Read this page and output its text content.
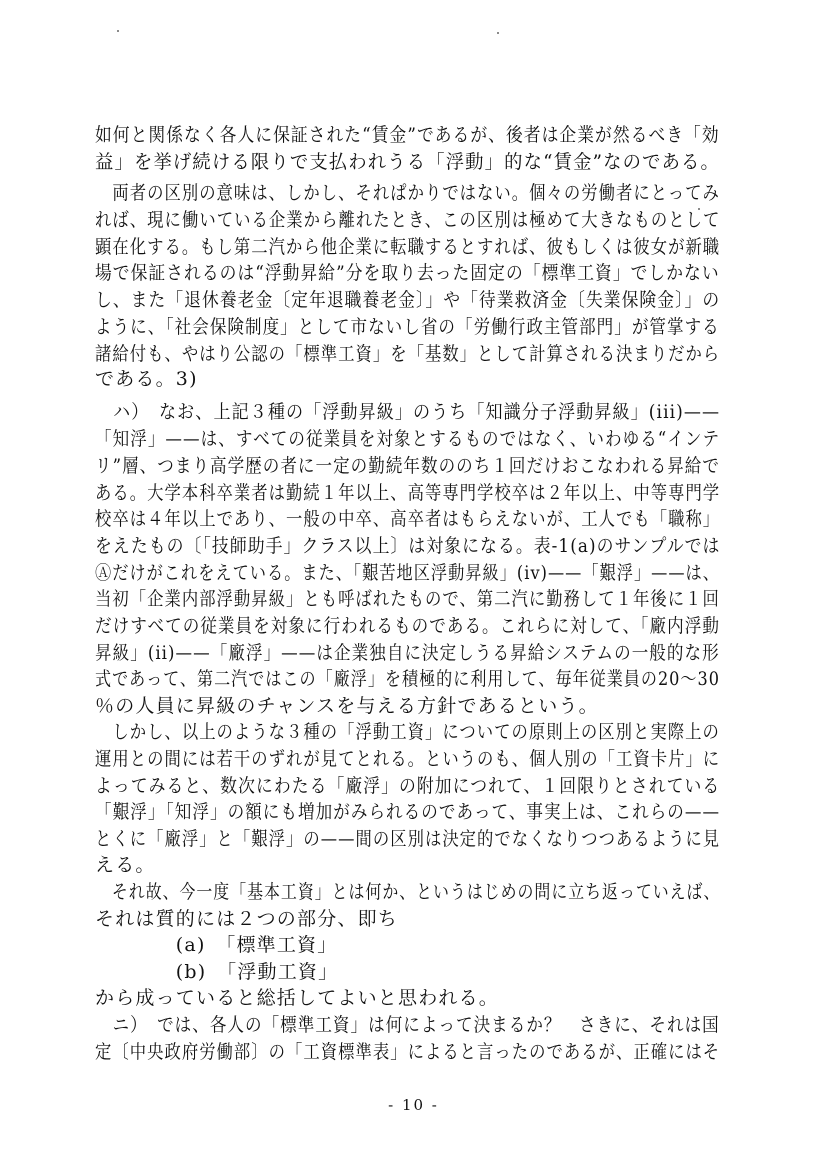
如何と関係なく各人に保証された“賃金”であるが、後者は企業が然るべき「効
益」を挙げ続ける限りで支払われうる「浮動」的な“賃金”なのである。
　両者の区別の意味は、しかし、それぱかりではない。個々の労働者にとってみ
れば、現に働いている企業から離れたとき、この区別は極めて大きなものとして
顕在化する。もし第二汽から他企業に転職するとすれば、彼もしくは彼女が新職
場で保証されるのは“浮動昇給”分を取り去った固定の「標準工資」でしかない
し、また「退休養老金〔定年退職養老金〕」や「待業救済金〔失業保険金〕」の
ように、「社会保険制度」として市ないし省の「労働行政主管部門」が管掌する
諸給付も、やはり公認の「標準工資」を「基数」として計算される決まりだから
である。3)
　ハ）　なお、上記３種の「浮動昇級」のうち「知識分子浮動昇級」(iii)——
「知浮」——は、すべての従業員を対象とするものではなく、いわゆる“インテ
リ”層、つまり高学歴の者に一定の勤続年数ののち１回だけおこなわれる昇給で
ある。大学本科卒業者は勤続１年以上、高等専門学校卒は２年以上、中等専門学
校卒は４年以上であり、一般の中卒、高卒者はもらえないが、工人でも「職称」
をえたもの〔「技師助手」クラス以上〕は対象になる。表-1(a)のサンプルでは
Ⓐだけがこれをえている。また、「艱苦地区浮動昇級」(iv)——「艱浮」——は、
当初「企業内部浮動昇級」とも呼ばれたもので、第二汽に勤務して１年後に１回
だけすべての従業員を対象に行われるものである。これらに対して、「廠内浮動
昇級」(ii)——「廠浮」——は企業独自に決定しうる昇給システムの一般的な形
式であって、第二汽ではこの「廠浮」を積極的に利用して、毎年従業員の20～30
％の人員に昇級のチャンスを与える方針であるという。
　しかし、以上のような３種の「浮動工資」についての原則上の区別と実際上の
運用との間には若干のずれが見てとれる。というのも、個人別の「工資卡片」に
よってみると、数次にわたる「廠浮」の附加につれて、１回限りとされている
「艱浮」「知浮」の額にも増加がみられるのであって、事実上は、これらの——
とくに「廠浮」と「艱浮」の——間の区別は決定的でなくなりつつあるように見
える。
　それ故、今一度「基本工資」とは何か、というはじめの問に立ち返っていえば、
それは質的には２つの部分、即ち
　　　　(a)　「標準工資」
　　　　(b)　「浮動工資」
から成っていると総括してよいと思われる。
　ニ）　では、各人の「標準工資」は何によって決まるか？　さきに、それは国
定〔中央政府労働部〕の「工資標準表」によると言ったのであるが、正確にはそ
- 10 -
